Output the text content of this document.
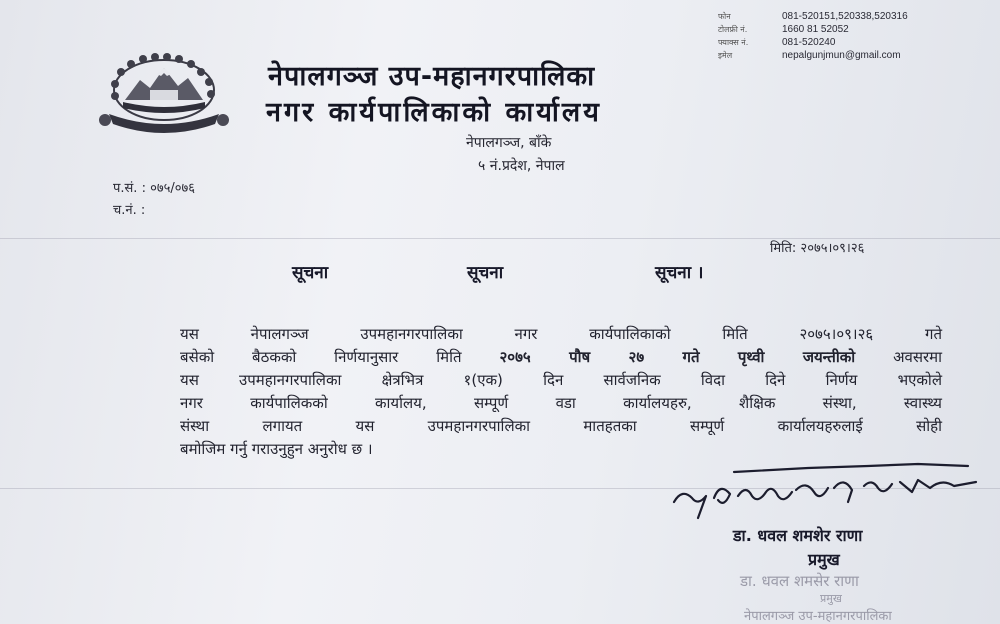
फोन	081-520151,520338,520316
टोलफ्री नं.	1660 81 52052
फ्याक्स नं.	081-520240
इमेल	nepalgunjmun@gmail.com
नेपालगञ्ज उप-महानगरपालिका
नगर कार्यपालिकाको कार्यालय
नेपालगञ्ज, बाँके
५ नं.प्रदेश, नेपाल
प.सं. : ०७५/०७६
च.नं. :
मिति: २०७५।०९।२६
सूचना	सूचना	सूचना ।
यस नेपालगञ्ज उपमहानगरपालिका नगर कार्यपालिकाको मिति २०७५।०९।२६ गते
बसेको बैठकको निर्णयानुसार मिति २०७५ पौष २७ गते पृथ्वी जयन्तीको अवसरमा
यस उपमहानगरपालिका क्षेत्रभित्र १(एक) दिन सार्वजनिक विदा दिने निर्णय भएकोले
नगर कार्यपालिकको कार्यालय, सम्पूर्ण वडा कार्यालयहरु, शैक्षिक संस्था, स्वास्थ्य
संस्था लगायत यस उपमहानगरपालिका मातहतका सम्पूर्ण कार्यालयहरुलाई सोही
बमोजिम गर्नु गराउनुहुन अनुरोध छ ।
डा. धवल शमशेर राणा
प्रमुख
डा. धवल शमसेर राणा
प्रमुख
नेपालगञ्ज उप-महानगरपालिका
